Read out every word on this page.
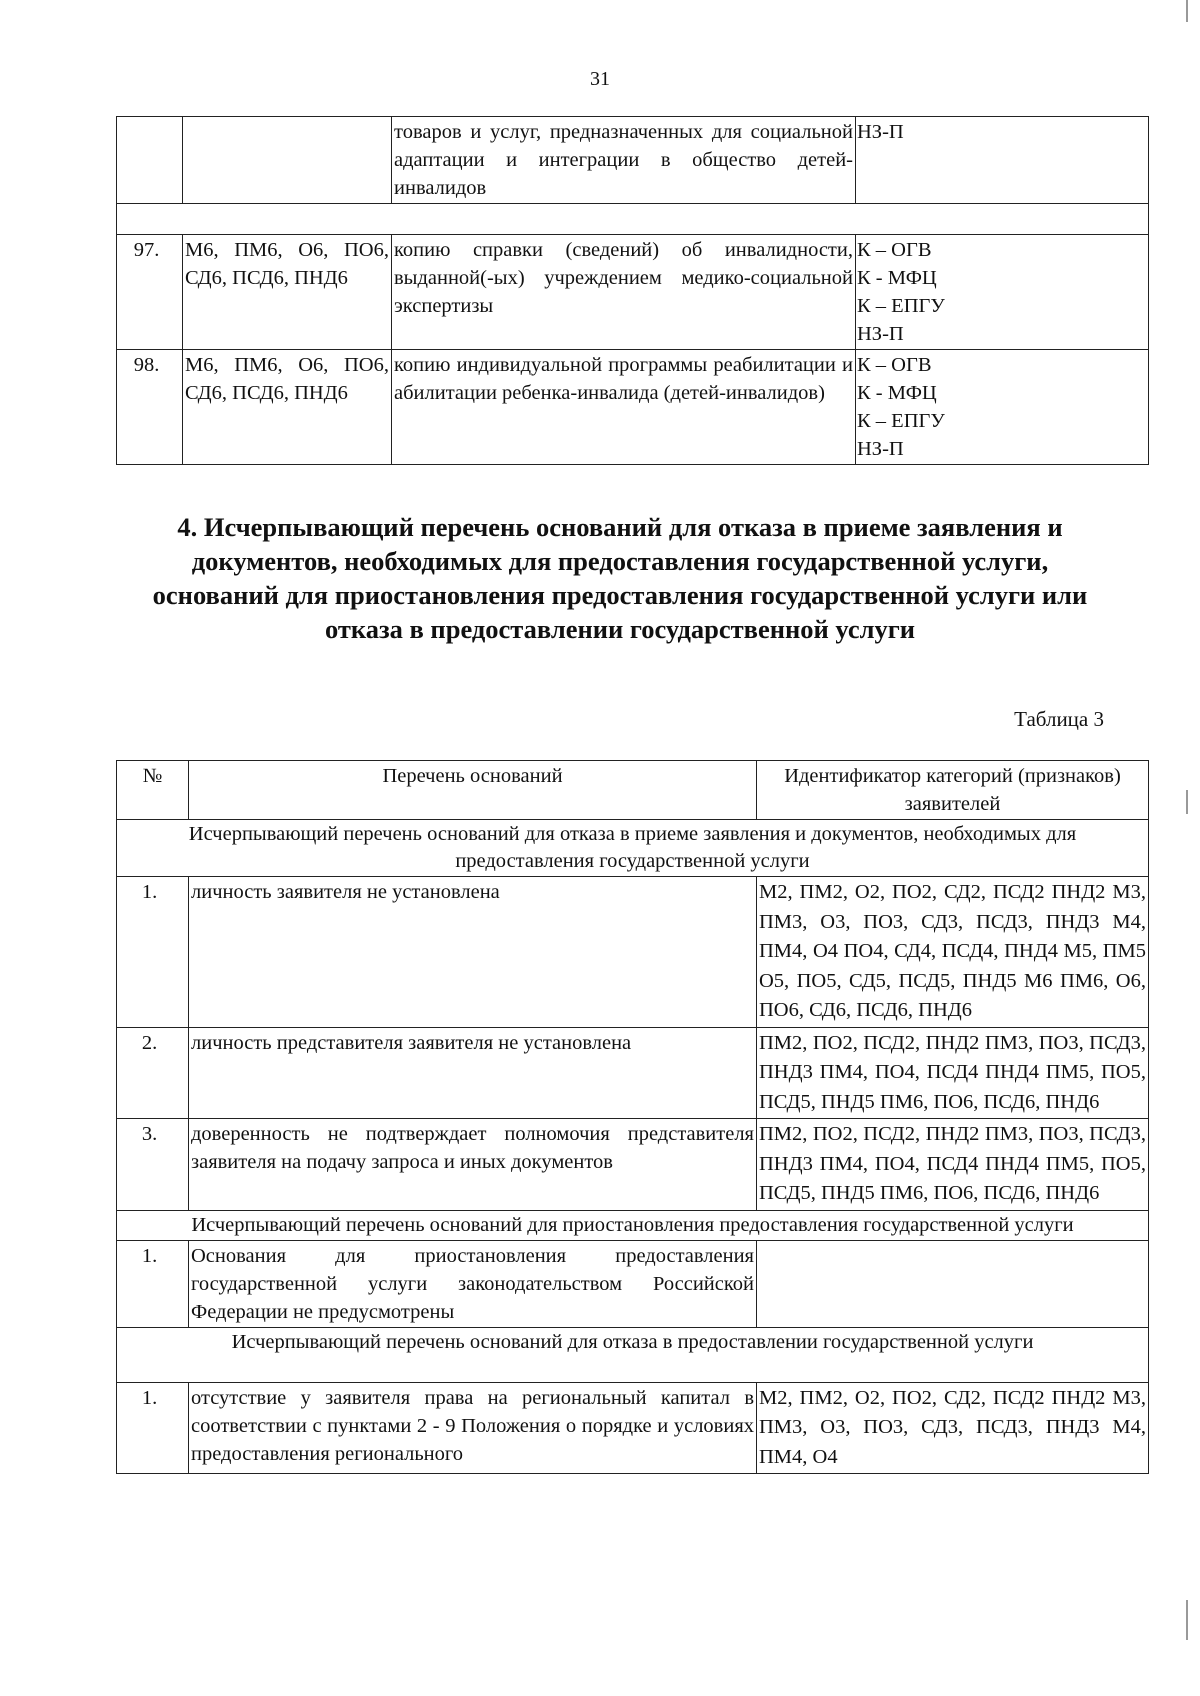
31
		товаров и услуг, предназначенных для социальной адаптации и интеграции в общество детей-инвалидов	НЗ-П

97.	М6, ПМ6, О6, ПО6, СД6, ПСД6, ПНД6	копию справки (сведений) об инвалидности, выданной(-ых) учреждением медико-социальной экспертизы	К – ОГВ
К - МФЦ
К – ЕПГУ
НЗ-П

98.	М6, ПМ6, О6, ПО6, СД6, ПСД6, ПНД6	копию индивидуальной программы реабилитации и абилитации ребенка-инвалида (детей-инвалидов)	К – ОГВ
К - МФЦ
К – ЕПГУ
НЗ-П
4. Исчерпывающий перечень оснований для отказа в приеме заявления и документов, необходимых для предоставления государственной услуги, оснований для приостановления предоставления государственной услуги или отказа в предоставлении государственной услуги
Таблица 3
№	Перечень оснований	Идентификатор категорий (признаков) заявителей
Исчерпывающий перечень оснований для отказа в приеме заявления и документов, необходимых для предоставления государственной услуги		
1.	личность заявителя не установлена	М2, ПМ2, О2, ПО2, СД2, ПСД2 ПНД2 М3, ПМ3, О3, ПО3, СД3, ПСД3, ПНД3 М4, ПМ4, О4 ПО4, СД4, ПСД4, ПНД4 М5, ПМ5 О5, ПО5, СД5, ПСД5, ПНД5 М6 ПМ6, О6, ПО6, СД6, ПСД6, ПНД6
2.	личность представителя заявителя не установлена	ПМ2, ПО2, ПСД2, ПНД2 ПМ3, ПО3, ПСД3, ПНД3 ПМ4, ПО4, ПСД4 ПНД4 ПМ5, ПО5, ПСД5, ПНД5 ПМ6, ПО6, ПСД6, ПНД6
3.	доверенность не подтверждает полномочия представителя заявителя на подачу запроса и иных документов	ПМ2, ПО2, ПСД2, ПНД2 ПМ3, ПО3, ПСД3, ПНД3 ПМ4, ПО4, ПСД4 ПНД4 ПМ5, ПО5, ПСД5, ПНД5 ПМ6, ПО6, ПСД6, ПНД6
Исчерпывающий перечень оснований для приостановления предоставления государственной услуги		
1.	Основания для приостановления предоставления государственной услуги законодательством Российской Федерации не предусмотрены	
Исчерпывающий перечень оснований для отказа в предоставлении государственной услуги		
1.	отсутствие у заявителя права на региональный капитал в соответствии с пунктами 2 - 9 Положения о порядке и условиях предоставления регионального	М2, ПМ2, О2, ПО2, СД2, ПСД2 ПНД2 М3, ПМ3, О3, ПО3, СД3, ПСД3, ПНД3 М4, ПМ4, О4
